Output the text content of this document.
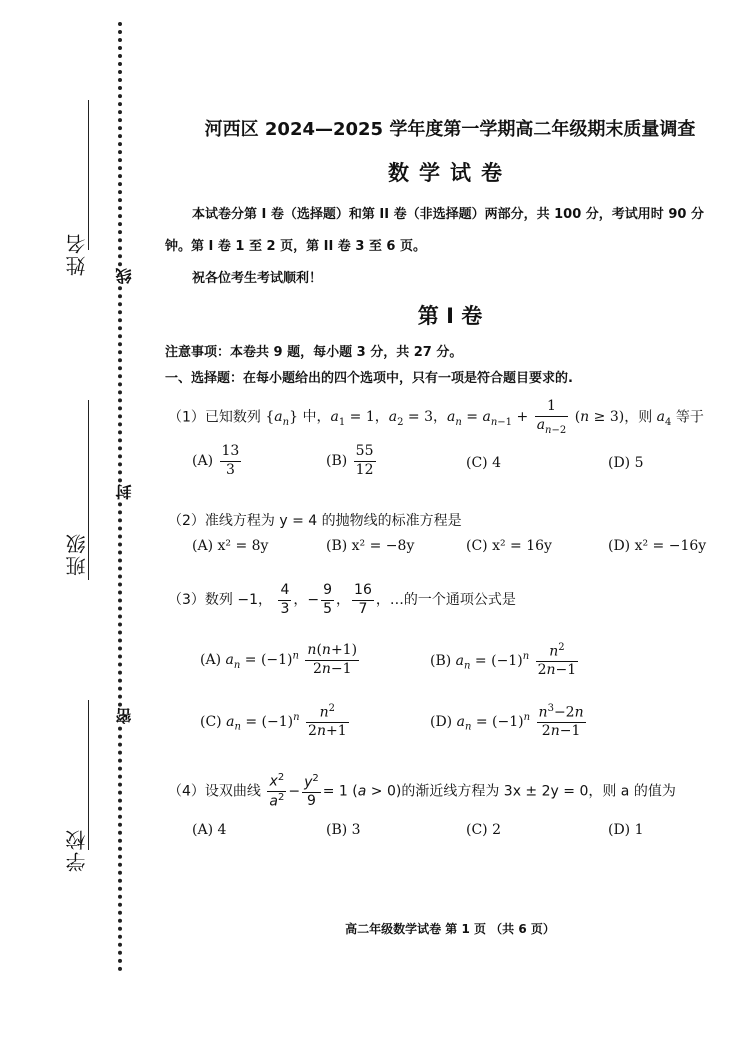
姓名
班级
学校
线
封
密
河西区 2024—2025 学年度第一学期高二年级期末质量调查
数学试卷
本试卷分第 I 卷（选择题）和第 II 卷（非选择题）两部分，共 100 分，考试用时 90 分
钟。第 I 卷 1 至 2 页，第 II 卷 3 至 6 页。
祝各位考生考试顺利！
第 I 卷
注意事项：本卷共 9 题，每小题 3 分，共 27 分。
一、选择题：在每小题给出的四个选项中，只有一项是符合题目要求的.
（1）已知数列 $\{a_n\}$ 中，$a_1 = 1$，$a_2 = 3$，$a_n = a_{n-1} + \frac{1}{a_{n-2}} (n \ge 3)$，则 $a_4$ 等于
$(A) \frac{13}{3}$	$(B) \frac{55}{12}$	(C) 4	(D) 5
（2）准线方程为 y = 4 的抛物线的标准方程是
(A) x² = 8y	(B) x² = −8y	(C) x² = 16y	(D) x² = −16y
（3）数列 −1， $\frac{4}{3}$ ，− $\frac{9}{5}$ ， $\frac{16}{7}$ ，…的一个通项公式是
(A) $a_n = (-1)^n \frac{n(n+1)}{2n-1}$	(B) $a_n = (-1)^n \frac{n^2}{2n-1}$
(C) $a_n = (-1)^n \frac{n^2}{2n+1}$	(D) $a_n = (-1)^n \frac{n^3-2n}{2n-1}$
（4）设双曲线 $\frac{x^2}{a^2} - \frac{y^2}{9} = 1$ (a > 0)的渐近线方程为 3x ± 2y = 0，则 a 的值为
(A) 4	(B) 3	(C) 2	(D) 1
高二年级数学试卷 第 1 页 （共 6 页）
